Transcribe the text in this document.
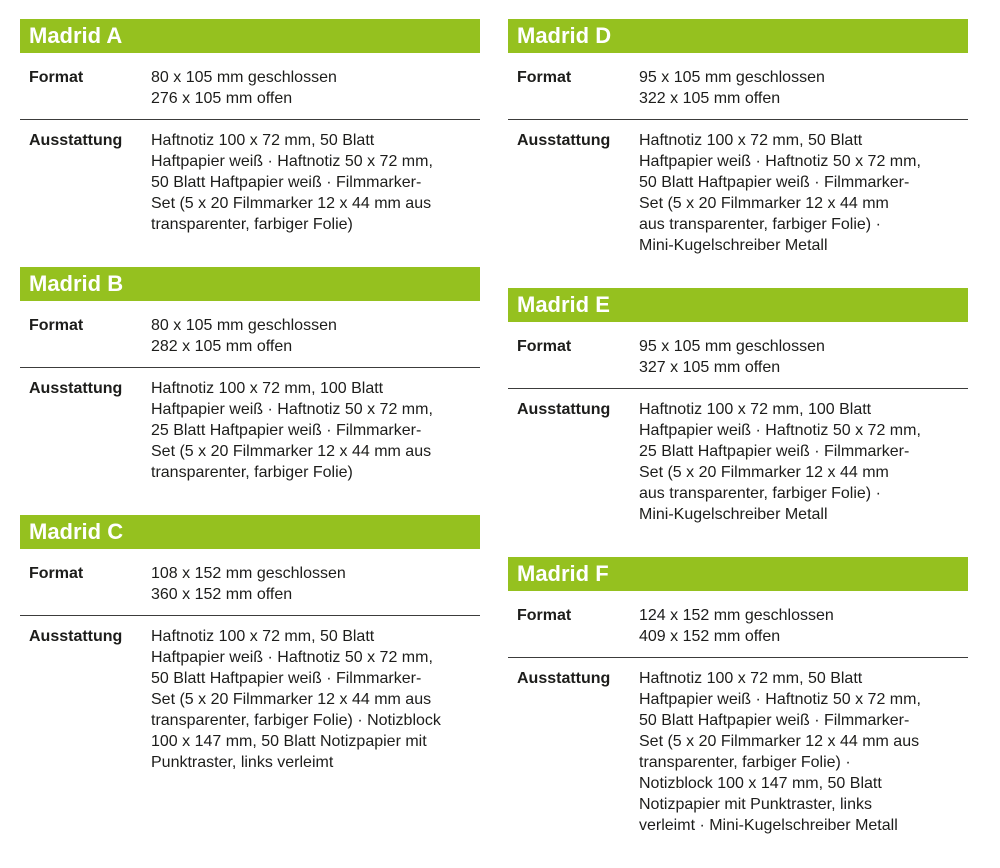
Madrid A
Format	80 x 105 mm geschlossen
276 x 105 mm offen
Ausstattung	Haftnotiz 100 x 72 mm, 50 Blatt
Haftpapier weiß · Haftnotiz 50 x 72 mm,
50 Blatt Haftpapier weiß · Filmmarker-
Set (5 x 20 Filmmarker 12 x 44 mm aus
transparenter, farbiger Folie)
Madrid B
Format	80 x 105 mm geschlossen
282 x 105 mm offen
Ausstattung	Haftnotiz 100 x 72 mm, 100 Blatt
Haftpapier weiß · Haftnotiz 50 x 72 mm,
25 Blatt Haftpapier weiß · Filmmarker-
Set (5 x 20 Filmmarker 12 x 44 mm aus
transparenter, farbiger Folie)
Madrid C
Format	108 x 152 mm geschlossen
360 x 152 mm offen
Ausstattung	Haftnotiz 100 x 72 mm, 50 Blatt
Haftpapier weiß · Haftnotiz 50 x 72 mm,
50 Blatt Haftpapier weiß · Filmmarker-
Set (5 x 20 Filmmarker 12 x 44 mm aus
transparenter, farbiger Folie) · Notizblock
100 x 147 mm, 50 Blatt Notizpapier mit
Punktraster, links verleimt
Madrid D
Format	95 x 105 mm geschlossen
322 x 105 mm offen
Ausstattung	Haftnotiz 100 x 72 mm, 50 Blatt
Haftpapier weiß · Haftnotiz 50 x 72 mm,
50 Blatt Haftpapier weiß · Filmmarker-
Set (5 x 20 Filmmarker 12 x 44 mm
aus transparenter, farbiger Folie) ·
Mini-Kugelschreiber Metall
Madrid E
Format	95 x 105 mm geschlossen
327 x 105 mm offen
Ausstattung	Haftnotiz 100 x 72 mm, 100 Blatt
Haftpapier weiß · Haftnotiz 50 x 72 mm,
25 Blatt Haftpapier weiß · Filmmarker-
Set (5 x 20 Filmmarker 12 x 44 mm
aus transparenter, farbiger Folie) ·
Mini-Kugelschreiber Metall
Madrid F
Format	124 x 152 mm geschlossen
409 x 152 mm offen
Ausstattung	Haftnotiz 100 x 72 mm, 50 Blatt
Haftpapier weiß · Haftnotiz 50 x 72 mm,
50 Blatt Haftpapier weiß · Filmmarker-
Set (5 x 20 Filmmarker 12 x 44 mm aus
transparenter, farbiger Folie) ·
Notizblock 100 x 147 mm, 50 Blatt
Notizpapier mit Punktraster, links
verleimt · Mini-Kugelschreiber Metall
